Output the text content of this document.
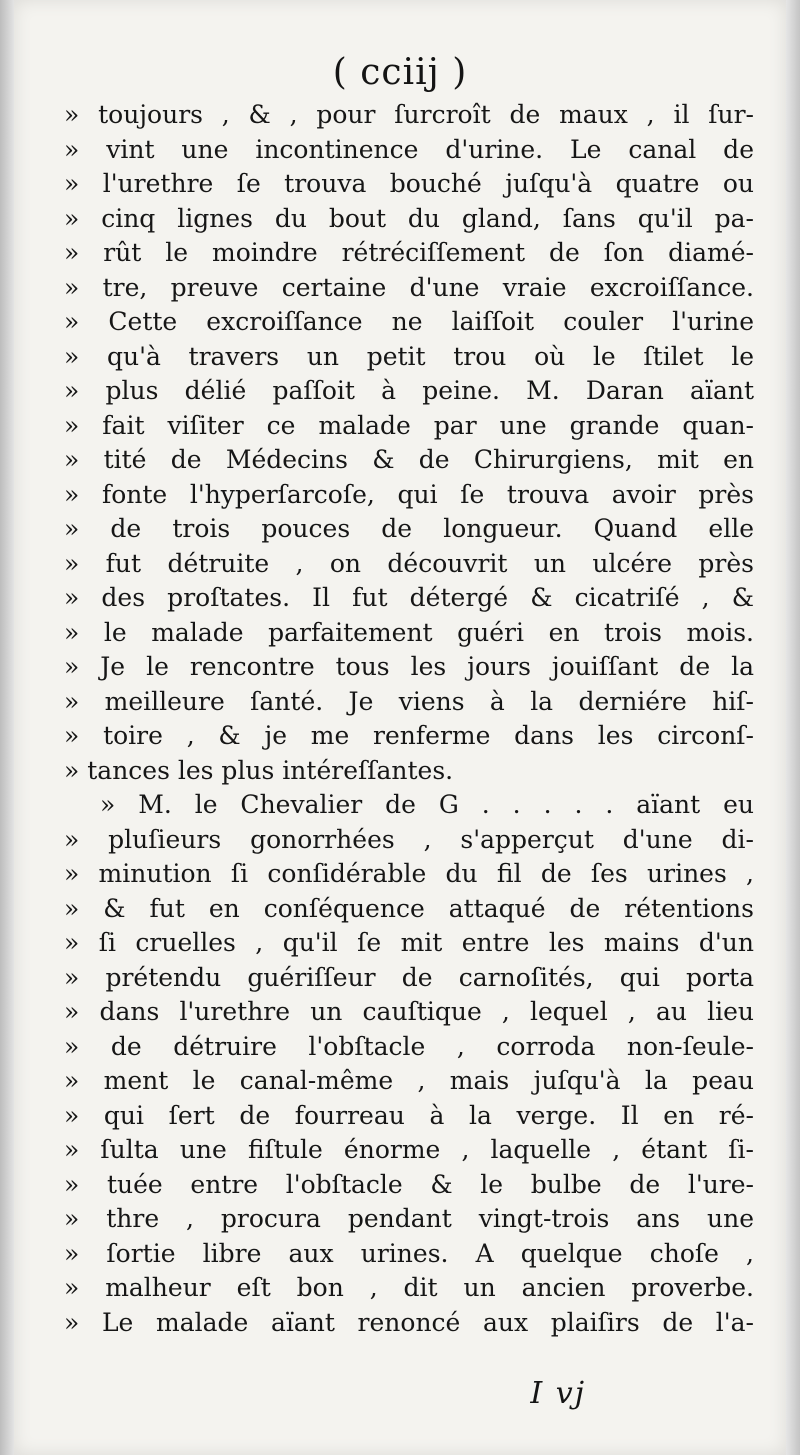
( cciij )
» toujours , & , pour ſurcroît de maux , il ſur-
» vint une incontinence d'urine. Le canal de
» l'urethre ſe trouva bouché juſqu'à quatre ou
» cinq lignes du bout du gland, ſans qu'il pa-
» rût le moindre rétréciſſement de ſon diamé-
» tre, preuve certaine d'une vraie excroiſſance.
» Cette excroiſſance ne laiſſoit couler l'urine
» qu'à travers un petit trou où le ſtilet le
» plus délié paſſoit à peine. M. Daran aïant
» fait viſiter ce malade par une grande quan-
» tité de Médecins & de Chirurgiens, mit en
» fonte l'hyperſarcoſe, qui ſe trouva avoir près
» de trois pouces de longueur. Quand elle
» fut détruite , on découvrit un ulcére près
» des proſtates. Il fut détergé & cicatriſé , &
» le malade parfaitement guéri en trois mois.
» Je le rencontre tous les jours jouiſſant de la
» meilleure ſanté. Je viens à la derniére hiſ-
» toire , & je me renferme dans les circonſ-
» tances les plus intéreſſantes.
» M. le Chevalier de G . . . . . aïant eu
» pluſieurs gonorrhées , s'apperçut d'une di-
» minution ſi conſidérable du fil de ſes urines ,
» & fut en conſéquence attaqué de rétentions
» ſi cruelles , qu'il ſe mit entre les mains d'un
» prétendu guériſſeur de carnoſités, qui porta
» dans l'urethre un cauſtique , lequel , au lieu
» de détruire l'obſtacle , corroda non-ſeule-
» ment le canal-même , mais juſqu'à la peau
» qui ſert de fourreau à la verge. Il en ré-
» ſulta une fiſtule énorme , laquelle , étant ſi-
» tuée entre l'obſtacle & le bulbe de l'ure-
» thre , procura pendant vingt-trois ans une
» ſortie libre aux urines. A quelque choſe ,
» malheur eſt bon , dit un ancien proverbe.
» Le malade aïant renoncé aux plaiſirs de l'a-
I vj
